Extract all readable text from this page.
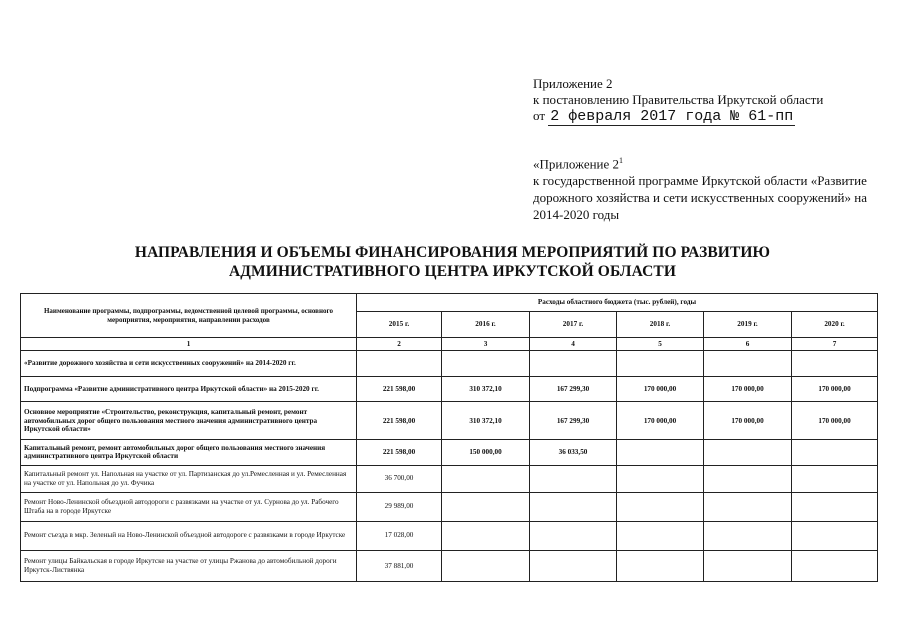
Приложение 2
к постановлению Правительства Иркутской области
от 2 февраля 2017 года № 61-пп
«Приложение $2^1$
к государственной программе Иркутской области «Развитие дорожного хозяйства и сети искусственных сооружений» на 2014-2020 годы
НАПРАВЛЕНИЯ И ОБЪЕМЫ ФИНАНСИРОВАНИЯ МЕРОПРИЯТИЙ ПО РАЗВИТИЮ
АДМИНИСТРАТИВНОГО ЦЕНТРА ИРКУТСКОЙ ОБЛАСТИ
Наименование программы, подпрограммы, ведомственной целевой программы, основного мероприятия, мероприятия, направлении расходов	Расходы областного бюджета (тыс. рублей), годы					
	2015 г.	2016 г.	2017 г.	2018 г.	2019 г.	2020 г.
1	2	3	4	5	6	7
«Развитие дорожного хозяйства и сети искусственных сооружений» на 2014-2020 гг.						
Подпрограмма «Развитие административного центра Иркутской области» на 2015-2020 гг.	221 598,00	310 372,10	167 299,30	170 000,00	170 000,00	170 000,00
Основное мероприятие «Строительство, реконструкция, капитальный ремонт, ремонт автомобильных дорог общего пользования местного значения административного центра Иркутской области»	221 598,00	310 372,10	167 299,30	170 000,00	170 000,00	170 000,00
Капитальный ремонт, ремонт автомобильных дорог общего пользования местного значения административного центра Иркутской области	221 598,00	150 000,00	36 033,50			
Капитальный ремонт ул. Напольная на участке от ул. Партизанская до ул.Ремесленная и ул. Ремесленная на участке от ул. Напольная до ул. Фучика	36 700,00					
Ремонт Ново-Ленинской объездной автодороги с развязками на участке от ул. Сурнова до ул. Рабочего Штаба на в городе Иркутске	29 989,00					
Ремонт съезда в мкр. Зеленый на Ново-Ленинской объездной автодороге с развязками в городе Иркутске	17 028,00					
Ремонт улицы Байкальская в городе Иркутске на участке от улицы Ржанова до автомобильной дороги Иркутск-Листвянка	37 881,00					
